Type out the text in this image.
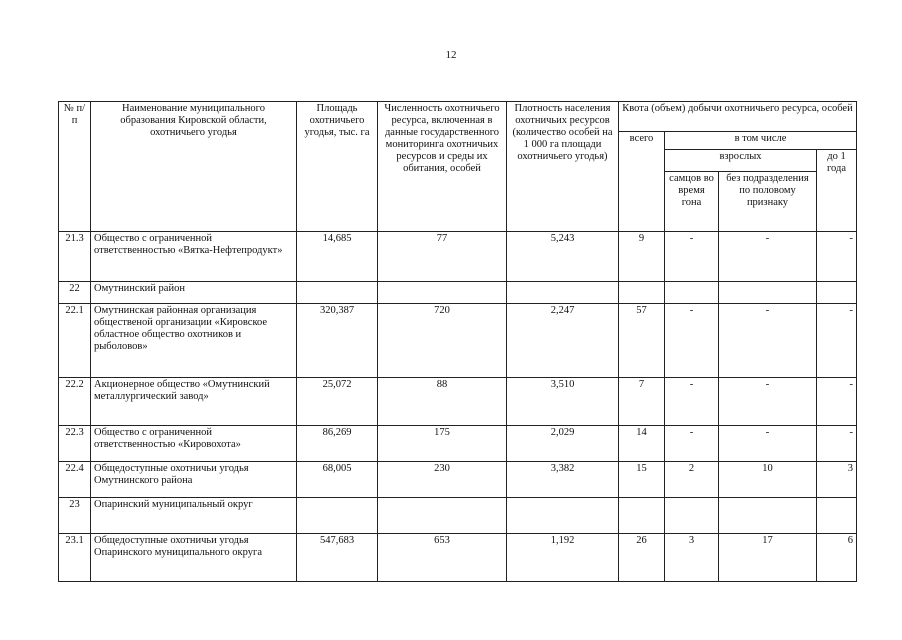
12
№ п/п	Наименование муниципального образования Кировской области, охотничьего угодья	Площадь охотничьего угодья, тыс. га	Численность охотничьего ресурса, включенная в данные государственного мониторинга охотничьих ресурсов и среды их обитания, особей	Плотность населения охотничьих ресурсов (количество особей на 1 000 га площади охотничьего угодья)	Квота (объем) добычи охотничьего ресурса, особей			
					всего	в том числе		
						взрослых		до 1 года
						самцов во время гона	без подразделения по половому признаку	
21.3	Общество с ограниченной ответственностью «Вятка-Нефтепродукт»	14,685	77	5,243	9	-	-	-
22	Омутнинский район							
22.1	Омутнинская районная организация общественой организации «Кировское областное общество охотников и рыболовов»	320,387	720	2,247	57	-	-	-
22.2	Акционерное общество «Омутнинский металлургический завод»	25,072	88	3,510	7	-	-	-
22.3	Общество с ограниченной ответственностью «Кировохота»	86,269	175	2,029	14	-	-	-
22.4	Общедоступные охотничьи угодья Омутнинского района	68,005	230	3,382	15	2	10	3
23	Опаринский муниципальный округ							
23.1	Общедоступные охотничьи угодья Опаринского муниципального округа	547,683	653	1,192	26	3	17	6
